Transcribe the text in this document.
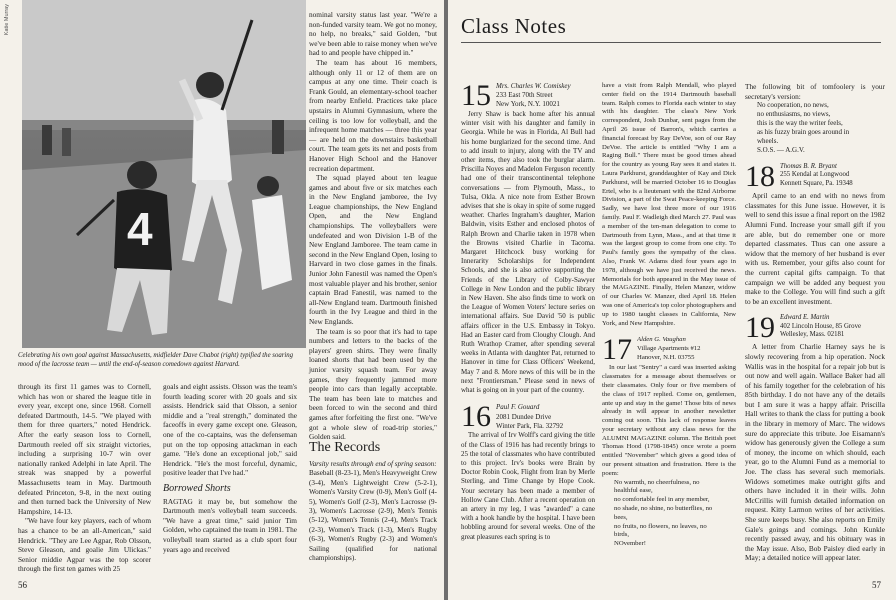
Katie Murray
4
Celebrating his own goal against Massachusetts, midfielder Dave Chabot (right) typified the soaring mood of the lacrosse team — until the end-of-season comedown against Harvard.

through its first 11 games was to Cornell, which has won or shared the league title in every year, except one, since 1968. Cornell defeated Dartmouth, 14-5. "We played with them for three quarters," noted Hendrick. After the early season loss to Cornell, Dartmouth reeled off six straight victories, including a surprising 10-7 win over nationally ranked Adelphi in late April. The streak was snapped by a powerful Massachusetts team in May. Dartmouth defeated Princeton, 9-8, in the next outing and then turned back the University of New Hampshire, 14-13.

"We have four key players, each of whom has a chance to be an all-American," said Hendrick. "They are Lee Agpar, Rob Olsson, Steve Gleason, and goalie Jim Ulickas." Senior middie Agpar was the top scorer through the first ten games with 25

goals and eight assists. Olsson was the team's fourth leading scorer with 20 goals and six assists. Hendrick said that Olsson, a senior middie and a "real strength," dominated the faceoffs in every game except one. Gleason, one of the co-captains, was the defenseman put on the top opposing attackman in each game. "He's done an exceptional job," said Hendrick. "He's the most forceful, dynamic, positive leader that I've had."

Borrowed Shorts

RAGTAG it may be, but somehow the Dartmouth men's volleyball team succeeds. "We have a great time," said junior Tim Golden, who captained the team in 1981. The volleyball team started as a club sport four years ago and received

nominal varsity status last year. "We're a non-funded varsity team. We got no money, no help, no breaks," said Golden, "but we've been able to raise money when we've had to and people have chipped in."

The team has about 16 members, although only 11 or 12 of them are on campus at any one time. Their coach is Frank Gould, an elementary-school teacher from nearby Enfield. Practices take place upstairs in Alumni Gymnasium, where the ceiling is too low for volleyball, and the infrequent home matches — three this year — are held on the downstairs basketball court. The team gets its net and posts from Hanover High School and the Hanover recreation department.

The squad played about ten league games and about five or six matches each in the New England jamboree, the Ivy League championships, the New England Open, and the New England championships. The volleyballers were undefeated and won Division 1-B of the New England Jamboree. The team came in second in the New England Open, losing to Harvard in two close games in the finals. Junior John Fanestil was named the Open's most valuable player and his brother, senior captain Brad Fanestil, was named to the all-New England team. Dartmouth finished fourth in the Ivy League and third in the New Englands.

The team is so poor that it's had to tape numbers and letters to the backs of the players' green shirts. They were finally loaned shorts that had been used by the junior varsity squash team. For away games, they frequently jammed more people into cars than legally acceptable. The team has been late to matches and been forced to win the second and third games after forfeiting the first one. "We've got a whole slew of road-trip stories," Golden said.

The Records

Varsity results through end of spring season:

Baseball (8-23-1), Men's Heavyweight Crew (3-4), Men's Lightweight Crew (5-2-1), Women's Varsity Crew (0-9), Men's Golf (4-5), Women's Golf (2-3), Men's Lacrosse (9-3), Women's Lacrosse (2-9), Men's Tennis (5-12), Women's Tennis (2-4), Men's Track (2-3), Women's Track (1-3), Men's Rugby (6-3), Women's Rugby (2-3) and Women's Sailing (qualified for national championships).

56
Class Notes
15 Mrs. Charles W. Comiskey
233 East 70th Street
New York, N.Y. 10021

Jerry Shaw is back home after his annual winter visit with his daughter and family in Georgia. While he was in Florida, Al Bull had his home burglarized for the second time. And to add insult to injury, along with the TV and other items, they also took the burglar alarm. Priscilla Noyes and Madelon Ferguson recently had one of their transcontinental telephone conversations — from Plymouth, Mass., to Tulsa, Okla. A nice note from Esther Brown advises that she is okay in spite of some rugged weather. Charles Ingraham's daughter, Marion Baldwin, visits Esther and enclosed photos of Ralph Brown and Charlie taken in 1978 when the Browns visited Charlie in Tacoma. Margaret Hitchcock busy working for Innerarity Scholarships for Independent Schools, and she is also active supporting the Friends of the Library of Colby-Sawyer College in New London and the public library in New Haven. She also finds time to work on the League of Women Voters' lecture series on international affairs. Sue David '50 is public affairs officer in the U.S. Embassy in Tokyo. Had an Easter card from Cloughy Clough. And Ruth Wrathop Cramer, after spending several weeks in Atlanta with daughter Pat, returned to Hanover in time for Class Officers' Weekend, May 7 and 8. More news of this will be in the next "Frontiersman." Please send in news of what is going on in your part of the country.

16 Paul F. Gouard
2081 Dundee Drive
Winter Park, Fla. 32792

The arrival of Irv Wolff's card giving the title of the Class of 1916 has had recently brings to 25 the total of classmates who have contributed to this project. Irv's books were Brain by Doctor Robin Cook, Flight from Iran by Merle Sterling, and Time Change by Hope Cook. Your secretary has been made a member of Hollow Cane Club. After a recent operation on an artery in my leg, I was "awarded" a cane with a hook handle by the hospital. I have been hobbling around for several weeks. One of the great pleasures each spring is to

have a visit from Ralph Mendall, who played center field on the 1914 Dartmouth baseball team. Ralph comes to Florida each winter to stay with his daughter. The class's New York correspondent, Josh Dunbar, sent pages from the April 26 issue of Barron's, which carries a financial forecast by Ray DeVoe, son of our Ray DeVoe. The article is entitled "Why I am a Raging Bull." There must be good times ahead for the country as young Ray sees it and states it. Laura Parkhurst, granddaughter of Kay and Dick Parkhurst, will be married October 16 to Douglas Ertel, who is a lieutenant with the 82nd Airborne Division, a part of the Swat Peace-keeping Force. Sadly, we have lost three more of our 1916 family. Paul F. Wadleigh died March 27. Paul was a member of the ten-man delegation to come to Dartmouth from Lynn, Mass., and at that time it was the largest group to come from one city. To Paul's family goes the sympathy of the class. Also, Frank W. Adams died four years ago in 1978, although we have just received the news. Memorials for both appeared in the May issue of the MAGAZINE. Finally, Helen Manzer, widow of our Charles W. Manzer, died April 18. Helen was one of America's top color photographers and up to 1980 taught classes in California, New York, and New Hampshire.

17 Alden G. Vaughan
Village Apartments #12
Hanover, N.H. 03755

In our last "Sentry" a card was inserted asking classmates for a message about themselves or their classmates. Only four or five members of the class of 1917 replied. Come on, gentlemen, ante up and stay in the game! Those bits of news already in will appear in another newsletter coming out soon. This lack of response leaves your secretary without any class news for the ALUMNI MAGAZINE column. The British poet Thomas Hood (1798-1845) once wrote a poem entitled "November" which gives a good idea of our present situation and frustration. Here is the poem:

No warmth, no cheerfulness, no
healthful ease,
no comfortable feel in any member,
no shade, no shine, no butterflies, no
bees,
no fruits, no flowers, no leaves, no
birds,
NOvember!

The following bit of tomfoolery is your secretary's version:

No cooperation, no news,
no enthusiasms, no views,
this is the way the writer feels,
as his fuzzy brain goes around in
wheels.
S.O.S. — A.G.V.
18 Thomas B. R. Bryant
255 Kendal at Longwood
Kennett Square, Pa. 19348

April came to an end with no news from classmates for this June issue. However, it is well to send this issue a final report on the 1982 Alumni Fund. Increase your small gift if you are able, but do remember one or more departed classmates. Thus can one assure a widow that the memory of her husband is ever with us. Remember, your gifts also count for the current capital gifts campaign. To that campaign we will be added any bequest you make to the College. You will find such a gift to be an excellent investment.

19 Edward E. Martin
402 Lincoln House, 85 Grove
Wellesley, Mass. 02181

A letter from Charlie Harney says he is slowly recovering from a hip operation. Nock Wallis was in the hospital for a repair job but is out now and well again. Wallace Baker had all of his family together for the celebration of his 85th birthday. I do not have any of the details but I am sure it was a happy affair. Priscilla Hall writes to thank the class for putting a book in the library in memory of Marc. The widows sure do appreciate this tribute. Joe Eisamann's widow has generously given the College a sum of money, the income on which should, each year, go to the Alumni Fund as a memorial to Joe. The class has several such memorials. Widows sometimes make outright gifts and others have included it in their wills. John McCrillis will furnish detailed information on request. Kitty Larmon writes of her activities. She sure keeps busy. She also reports on Emily Gale's goings and comings. John Kunkle recently passed away, and his obituary was in the May issue. Also, Bob Paisley died early in May; a detailed notice will appear later.

57
